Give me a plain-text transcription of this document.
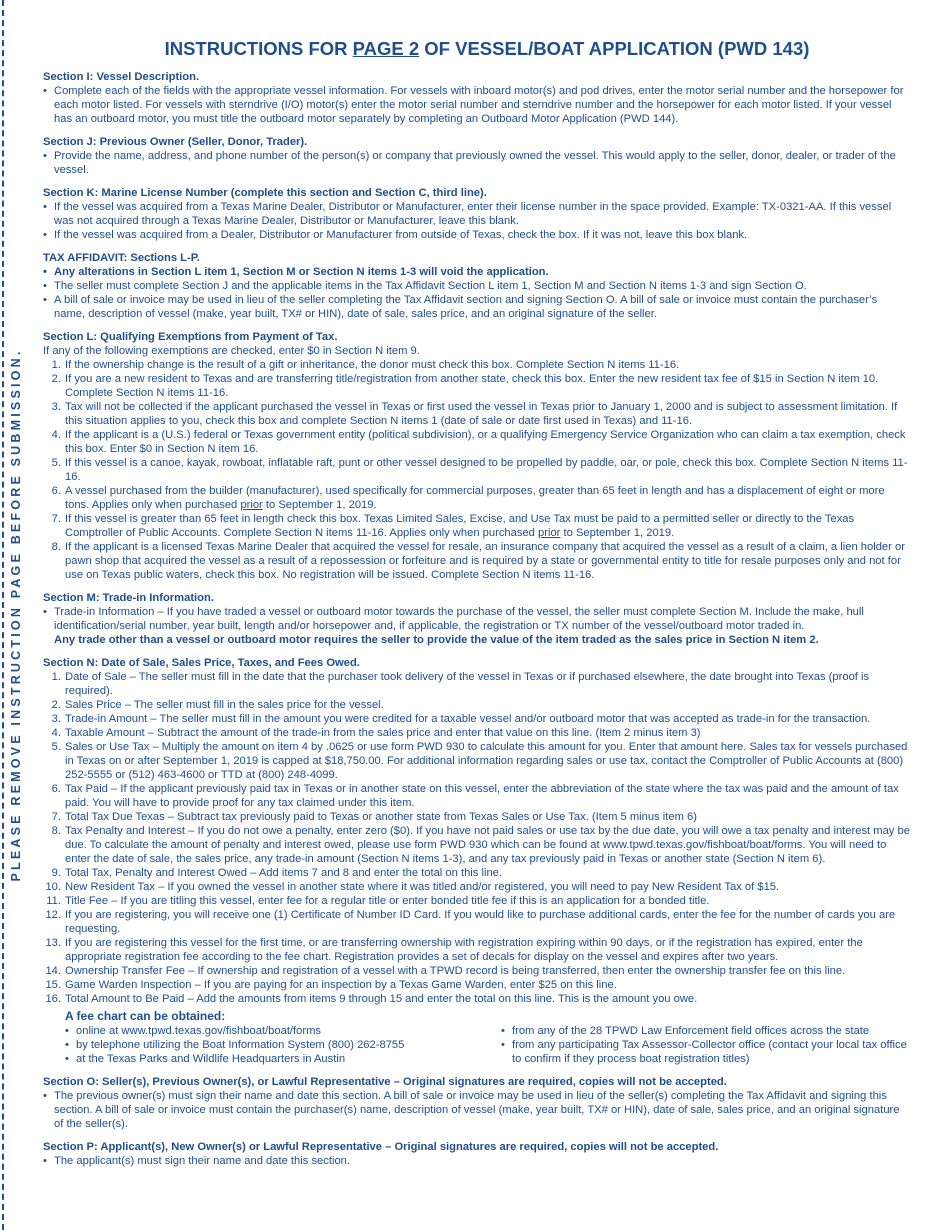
PLEASE REMOVE INSTRUCTION PAGE BEFORE SUBMISSION.
INSTRUCTIONS FOR PAGE 2 OF VESSEL/BOAT APPLICATION (PWD 143)
Section I: Vessel Description.
• Complete each of the fields with the appropriate vessel information. For vessels with inboard motor(s) and pod drives, enter the motor serial number and the horsepower for each motor listed. For vessels with sterndrive (I/O) motor(s) enter the motor serial number and sterndrive number and the horsepower for each motor listed. If your vessel has an outboard motor, you must title the outboard motor separately by completing an Outboard Motor Application (PWD 144).
Section J: Previous Owner (Seller, Donor, Trader).
• Provide the name, address, and phone number of the person(s) or company that previously owned the vessel. This would apply to the seller, donor, dealer, or trader of the vessel.
Section K: Marine License Number (complete this section and Section C, third line).
• If the vessel was acquired from a Texas Marine Dealer, Distributor or Manufacturer, enter their license number in the space provided. Example: TX-0321-AA. If this vessel was not acquired through a Texas Marine Dealer, Distributor or Manufacturer, leave this blank.
• If the vessel was acquired from a Dealer, Distributor or Manufacturer from outside of Texas, check the box. If it was not, leave this box blank.
TAX AFFIDAVIT: Sections L-P.
• Any alterations in Section L item 1, Section M or Section N items 1-3 will void the application.
• The seller must complete Section J and the applicable items in the Tax Affidavit Section L item 1, Section M and Section N items 1-3 and sign Section O.
• A bill of sale or invoice may be used in lieu of the seller completing the Tax Affidavit section and signing Section O. A bill of sale or invoice must contain the purchaser’s name, description of vessel (make, year built, TX# or HIN), date of sale, sales price, and an original signature of the seller.
Section L: Qualifying Exemptions from Payment of Tax.
If any of the following exemptions are checked, enter $0 in Section N item 9.
1. If the ownership change is the result of a gift or inheritance, the donor must check this box. Complete Section N items 11-16.
2. If you are a new resident to Texas and are transferring title/registration from another state, check this box. Enter the new resident tax fee of $15 in Section N item 10. Complete Section N items 11-16.
3. Tax will not be collected if the applicant purchased the vessel in Texas or first used the vessel in Texas prior to January 1, 2000 and is subject to assessment limitation. If this situation applies to you, check this box and complete Section N items 1 (date of sale or date first used in Texas) and 11-16.
4. If the applicant is a (U.S.) federal or Texas government entity (political subdivision), or a qualifying Emergency Service Organization who can claim a tax exemption, check this box. Enter $0 in Section N item 16.
5. If this vessel is a canoe, kayak, rowboat, inflatable raft, punt or other vessel designed to be propelled by paddle, oar, or pole, check this box. Complete Section N items 11-16.
6. A vessel purchased from the builder (manufacturer), used specifically for commercial purposes, greater than 65 feet in length and has a displacement of eight or more tons. Applies only when purchased prior to September 1, 2019.
7. If this vessel is greater than 65 feet in length check this box. Texas Limited Sales, Excise, and Use Tax must be paid to a permitted seller or directly to the Texas Comptroller of Public Accounts. Complete Section N items 11-16. Applies only when purchased prior to September 1, 2019.
8. If the applicant is a licensed Texas Marine Dealer that acquired the vessel for resale, an insurance company that acquired the vessel as a result of a claim, a lien holder or pawn shop that acquired the vessel as a result of a repossession or forfeiture and is required by a state or governmental entity to title for resale purposes only and not for use on Texas public waters, check this box. No registration will be issued. Complete Section N items 11-16.
Section M: Trade-in Information.
• Trade-in Information – If you have traded a vessel or outboard motor towards the purchase of the vessel, the seller must complete Section M. Include the make, hull identification/serial number, year built, length and/or horsepower and, if applicable, the registration or TX number of the vessel/outboard motor traded in.
Any trade other than a vessel or outboard motor requires the seller to provide the value of the item traded as the sales price in Section N item 2.
Section N: Date of Sale, Sales Price, Taxes, and Fees Owed.
1. Date of Sale – The seller must fill in the date that the purchaser took delivery of the vessel in Texas or if purchased elsewhere, the date brought into Texas (proof is required).
2. Sales Price – The seller must fill in the sales price for the vessel.
3. Trade-in Amount – The seller must fill in the amount you were credited for a taxable vessel and/or outboard motor that was accepted as trade-in for the transaction.
4. Taxable Amount – Subtract the amount of the trade-in from the sales price and enter that value on this line. (Item 2 minus item 3)
5. Sales or Use Tax – Multiply the amount on item 4 by .0625 or use form PWD 930 to calculate this amount for you. Enter that amount here. Sales tax for vessels purchased in Texas on or after September 1, 2019 is capped at $18,750.00. For additional information regarding sales or use tax, contact the Comptroller of Public Accounts at (800) 252-5555 or (512) 463-4600 or TTD at (800) 248-4099.
6. Tax Paid – If the applicant previously paid tax in Texas or in another state on this vessel, enter the abbreviation of the state where the tax was paid and the amount of tax paid. You will have to provide proof for any tax claimed under this item.
7. Total Tax Due Texas – Subtract tax previously paid to Texas or another state from Texas Sales or Use Tax. (Item 5 minus item 6)
8. Tax Penalty and Interest – If you do not owe a penalty, enter zero ($0). If you have not paid sales or use tax by the due date, you will owe a tax penalty and interest may be due. To calculate the amount of penalty and interest owed, please use form PWD 930 which can be found at www.tpwd.texas.gov/fishboat/boat/forms. You will need to enter the date of sale, the sales price, any trade-in amount (Section N items 1-3), and any tax previously paid in Texas or another state (Section N item 6).
9. Total Tax, Penalty and Interest Owed – Add items 7 and 8 and enter the total on this line.
10. New Resident Tax – If you owned the vessel in another state where it was titled and/or registered, you will need to pay New Resident Tax of $15.
11. Title Fee – If you are titling this vessel, enter fee for a regular title or enter bonded title fee if this is an application for a bonded title.
12. If you are registering, you will receive one (1) Certificate of Number ID Card. If you would like to purchase additional cards, enter the fee for the number of cards you are requesting.
13. If you are registering this vessel for the first time, or are transferring ownership with registration expiring within 90 days, or if the registration has expired, enter the appropriate registration fee according to the fee chart. Registration provides a set of decals for display on the vessel and expires after two years.
14. Ownership Transfer Fee – If ownership and registration of a vessel with a TPWD record is being transferred, then enter the ownership transfer fee on this line.
15. Game Warden Inspection – If you are paying for an inspection by a Texas Game Warden, enter $25 on this line.
16. Total Amount to Be Paid – Add the amounts from items 9 through 15 and enter the total on this line. This is the amount you owe.
A fee chart can be obtained:
• online at www.tpwd.texas.gov/fishboat/boat/forms
• by telephone utilizing the Boat Information System (800) 262-8755
• at the Texas Parks and Wildlife Headquarters in Austin
• from any of the 28 TPWD Law Enforcement field offices across the state
• from any participating Tax Assessor-Collector office (contact your local tax office to confirm if they process boat registration titles)
Section O: Seller(s), Previous Owner(s), or Lawful Representative – Original signatures are required, copies will not be accepted.
• The previous owner(s) must sign their name and date this section. A bill of sale or invoice may be used in lieu of the seller(s) completing the Tax Affidavit and signing this section. A bill of sale or invoice must contain the purchaser(s) name, description of vessel (make, year built, TX# or HIN), date of sale, sales price, and an original signature of the seller(s).
Section P: Applicant(s), New Owner(s) or Lawful Representative – Original signatures are required, copies will not be accepted.
• The applicant(s) must sign their name and date this section.
